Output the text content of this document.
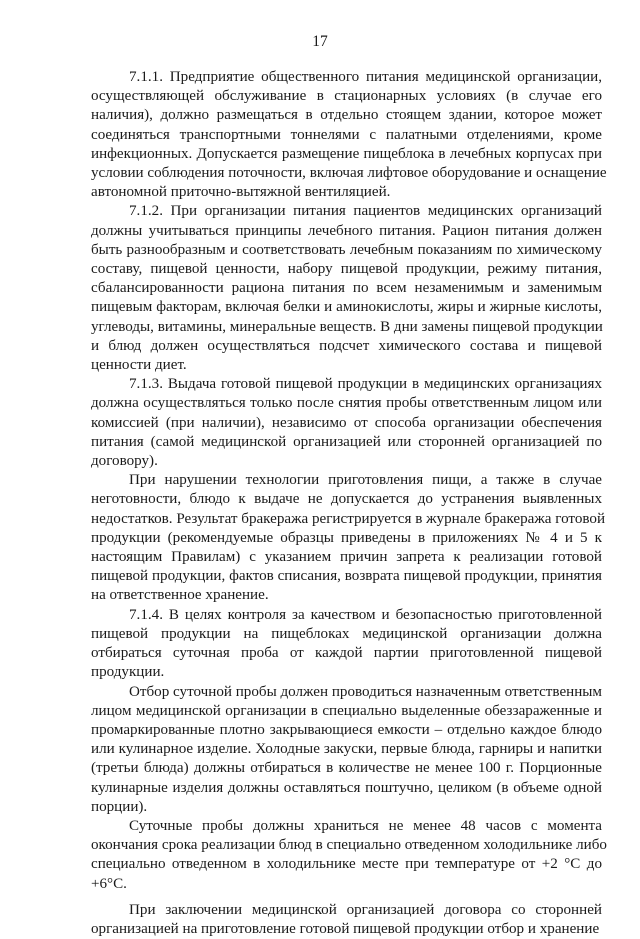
17
7.1.1. Предприятие общественного питания медицинской организации,
осуществляющей обслуживание в стационарных условиях (в случае его
наличия), должно размещаться в отдельно стоящем здании, которое может
соединяться транспортными тоннелями с палатными отделениями, кроме
инфекционных. Допускается размещение пищеблока в лечебных корпусах при
условии соблюдения поточности, включая лифтовое оборудование и оснащение
автономной приточно-вытяжной вентиляцией.
7.1.2. При организации питания пациентов медицинских организаций
должны учитываться принципы лечебного питания. Рацион питания должен
быть разнообразным и соответствовать лечебным показаниям по химическому
составу, пищевой ценности, набору пищевой продукции, режиму питания,
сбалансированности рациона питания по всем незаменимым и заменимым
пищевым факторам, включая белки и аминокислоты, жиры и жирные кислоты,
углеводы, витамины, минеральные веществ. В дни замены пищевой продукции
и блюд должен осуществляться подсчет химического состава и пищевой
ценности диет.
7.1.3. Выдача готовой пищевой продукции в медицинских организациях
должна осуществляться только после снятия пробы ответственным лицом или
комиссией (при наличии), независимо от способа организации обеспечения
питания (самой медицинской организацией или сторонней организацией по
договору).
При нарушении технологии приготовления пищи, а также в случае
неготовности, блюдо к выдаче не допускается до устранения выявленных
недостатков. Результат бракеража регистрируется в журнале бракеража готовой
продукции (рекомендуемые образцы приведены в приложениях № 4 и 5 к
настоящим Правилам) с указанием причин запрета к реализации готовой
пищевой продукции, фактов списания, возврата пищевой продукции, принятия
на ответственное хранение.
7.1.4. В целях контроля за качеством и безопасностью приготовленной
пищевой продукции на пищеблоках медицинской организации должна
отбираться суточная проба от каждой партии приготовленной пищевой
продукции.
Отбор суточной пробы должен проводиться назначенным ответственным
лицом медицинской организации в специально выделенные обеззараженные и
промаркированные плотно закрывающиеся емкости – отдельно каждое блюдо
или кулинарное изделие. Холодные закуски, первые блюда, гарниры и напитки
(третьи блюда) должны отбираться в количестве не менее 100 г. Порционные
кулинарные изделия должны оставляться поштучно, целиком (в объеме одной
порции).
Суточные пробы должны храниться не менее 48 часов с момента
окончания срока реализации блюд в специально отведенном холодильнике либо
специально отведенном в холодильнике месте при температуре от +2 °С до
+6°С.
При заключении медицинской организацией договора со сторонней
организацией на приготовление готовой пищевой продукции отбор и хранение
